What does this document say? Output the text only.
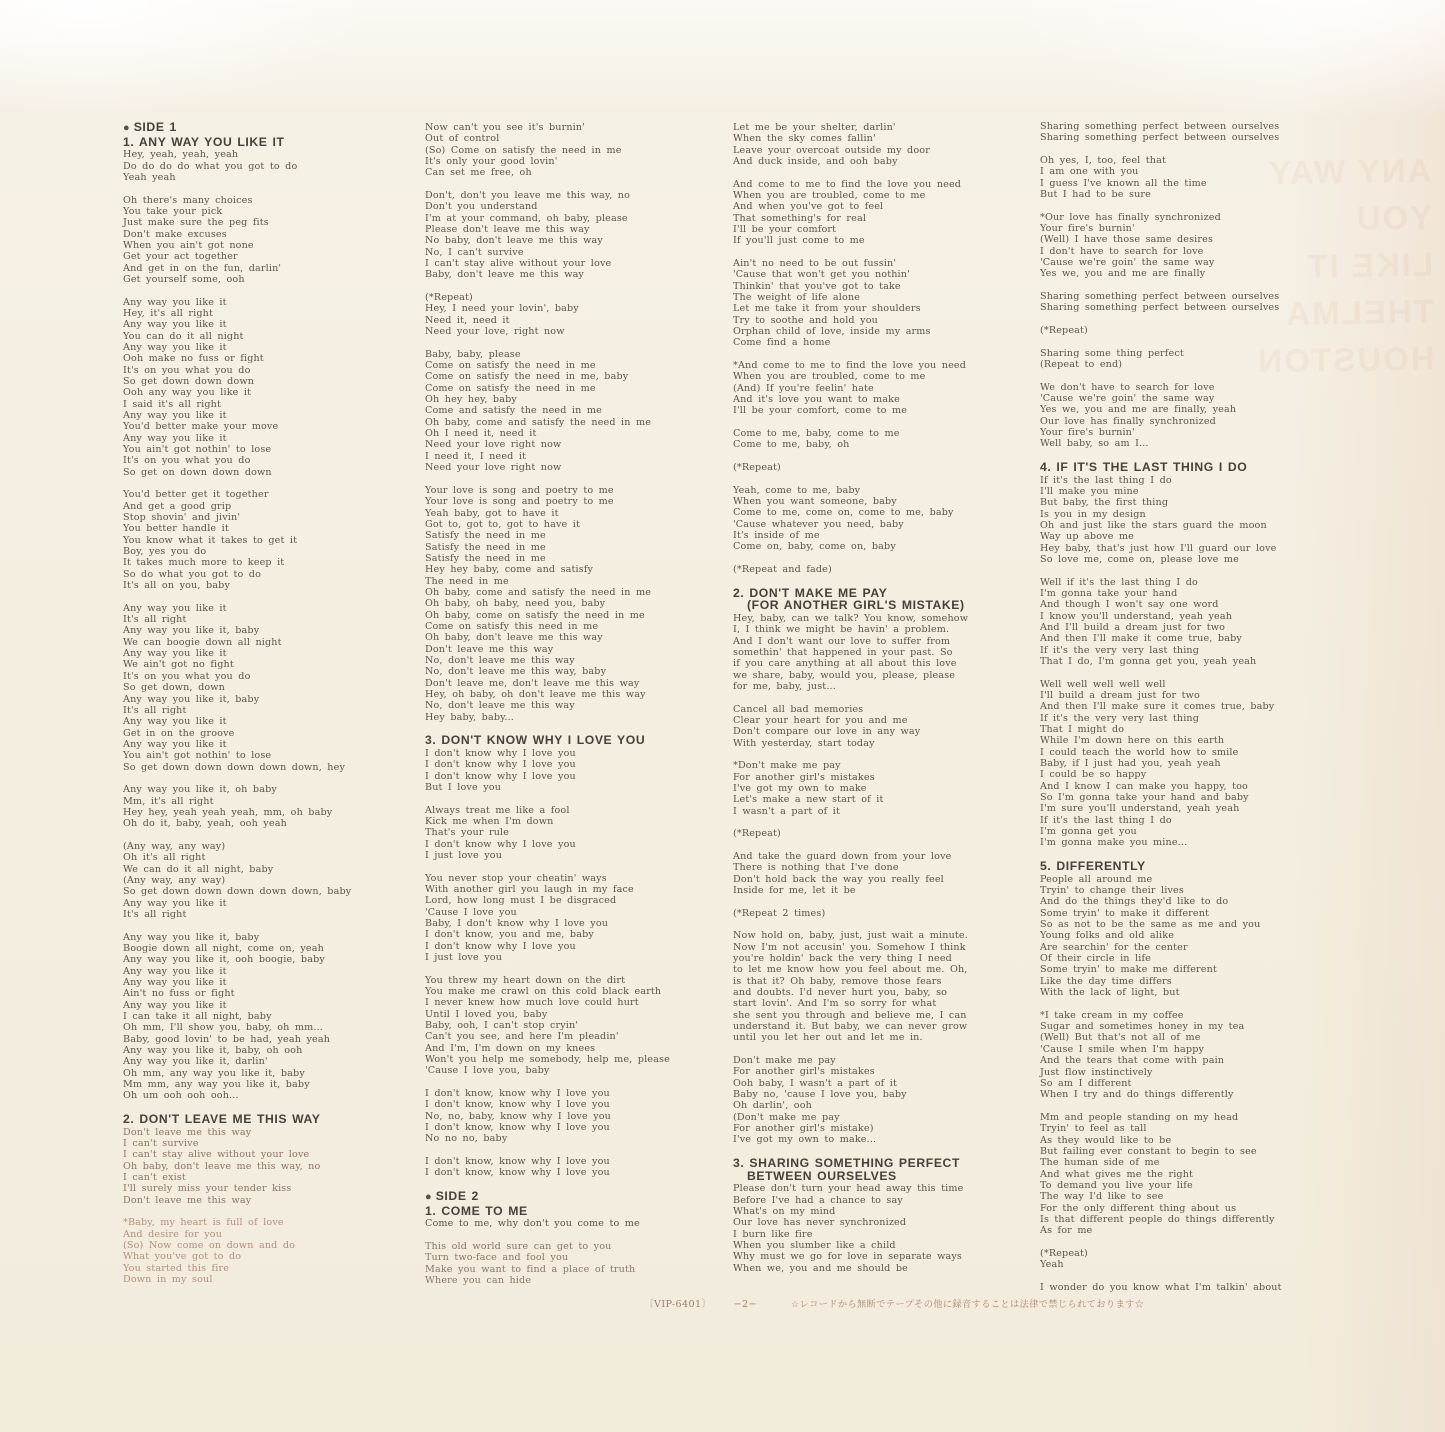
ANY WAY YOU
LIKE IT
THELMA
HOUSTON
● SIDE 1
1. ANY WAY YOU LIKE IT
Hey, yeah, yeah, yeah
Do do do do what you got to do
Yeah yeah
Oh there's many choices
You take your pick
Just make sure the peg fits
Don't make excuses
When you ain't got none
Get your act together
And get in on the fun, darlin'
Get yourself some, ooh
Any way you like it
Hey, it's all right
Any way you like it
You can do it all night
Any way you like it
Ooh make no fuss or fight
It's on you what you do
So get down down down
Ooh any way you like it
I said it's all right
Any way you like it
You'd better make your move
Any way you like it
You ain't got nothin' to lose
It's on you what you do
So get on down down down
You'd better get it together
And get a good grip
Stop shovin' and jivin'
You better handle it
You know what it takes to get it
Boy, yes you do
It takes much more to keep it
So do what you got to do
It's all on you, baby
Any way you like it
It's all right
Any way you like it, baby
We can boogie down all night
Any way you like it
We ain't got no fight
It's on you what you do
So get down, down
Any way you like it, baby
It's all right
Any way you like it
Get in on the groove
Any way you like it
You ain't got nothin' to lose
So get down down down down down, hey
Any way you like it, oh baby
Mm, it's all right
Hey hey, yeah yeah yeah, mm, oh baby
Oh do it, baby, yeah, ooh yeah
(Any way, any way)
Oh it's all right
We can do it all night, baby
(Any way, any way)
So get down down down down down, baby
Any way you like it
It's all right
Any way you like it, baby
Boogie down all night, come on, yeah
Any way you like it, ooh boogie, baby
Any way you like it
Any way you like it
Ain't no fuss or fight
Any way you like it
I can take it all night, baby
Oh mm, I'll show you, baby, oh mm...
Baby, good lovin' to be had, yeah yeah
Any way you like it, baby, oh ooh
Any way you like it, darlin'
Oh mm, any way you like it, baby
Mm mm, any way you like it, baby
Oh um ooh ooh ooh...
2. DON'T LEAVE ME THIS WAY
Don't leave me this way
I can't survive
I can't stay alive without your love
Oh baby, don't leave me this way, no
I can't exist
I'll surely miss your tender kiss
Don't leave me this way
*Baby, my heart is full of love
And desire for you
(So) Now come on down and do
What you've got to do
You started this fire
Down in my soul
Now can't you see it's burnin'
Out of control
(So) Come on satisfy the need in me
It's only your good lovin'
Can set me free, oh
Don't, don't you leave me this way, no
Don't you understand
I'm at your command, oh baby, please
Please don't leave me this way
No baby, don't leave me this way
No, I can't survive
I can't stay alive without your love
Baby, don't leave me this way
(*Repeat)
Hey, I need your lovin', baby
Need it, need it
Need your love, right now
Baby, baby, please
Come on satisfy the need in me
Come on satisfy the need in me, baby
Come on satisfy the need in me
Oh hey hey, baby
Come and satisfy the need in me
Oh baby, come and satisfy the need in me
Oh I need it, need it
Need your love right now
I need it, I need it
Need your love right now
Your love is song and poetry to me
Your love is song and poetry to me
Yeah baby, got to have it
Got to, got to, got to have it
Satisfy the need in me
Satisfy the need in me
Satisfy the need in me
Hey hey baby, come and satisfy
The need in me
Oh baby, come and satisfy the need in me
Oh baby, oh baby, need you, baby
Oh baby, come on satisfy the need in me
Come on satisfy this need in me
Oh baby, don't leave me this way
Don't leave me this way
No, don't leave me this way
No, don't leave me this way, baby
Don't leave me, don't leave me this way
Hey, oh baby, oh don't leave me this way
No, don't leave me this way
Hey baby, baby...
3. DON'T KNOW WHY I LOVE YOU
I don't know why I love you
I don't know why I love you
I don't know why I love you
But I love you
Always treat me like a fool
Kick me when I'm down
That's your rule
I don't know why I love you
I just love you
You never stop your cheatin' ways
With another girl you laugh in my face
Lord, how long must I be disgraced
'Cause I love you
Baby, I don't know why I love you
I don't know, you and me, baby
I don't know why I love you
I just love you
You threw my heart down on the dirt
You make me crawl on this cold black earth
I never knew how much love could hurt
Until I loved you, baby
Baby, ooh, I can't stop cryin'
Can't you see, and here I'm pleadin'
And I'm, I'm down on my knees
Won't you help me somebody, help me, please
'Cause I love you, baby
I don't know, know why I love you
I don't know, know why I love you
No, no, baby, know why I love you
I don't know, know why I love you
No no no, baby
I don't know, know why I love you
I don't know, know why I love you
● SIDE 2
1. COME TO ME
Come to me, why don't you come to me
This old world sure can get to you
Turn two-face and fool you
Make you want to find a place of truth
Where you can hide
Let me be your shelter, darlin'
When the sky comes fallin'
Leave your overcoat outside my door
And duck inside, and ooh baby
And come to me to find the love you need
When you are troubled, come to me
And when you've got to feel
That something's for real
I'll be your comfort
If you'll just come to me
Ain't no need to be out fussin'
'Cause that won't get you nothin'
Thinkin' that you've got to take
The weight of life alone
Let me take it from your shoulders
Try to soothe and hold you
Orphan child of love, inside my arms
Come find a home
*And come to me to find the love you need
When you are troubled, come to me
(And) If you're feelin' hate
And it's love you want to make
I'll be your comfort, come to me
Come to me, baby, come to me
Come to me, baby, oh
(*Repeat)
Yeah, come to me, baby
When you want someone, baby
Come to me, come on, come to me, baby
'Cause whatever you need, baby
It's inside of me
Come on, baby, come on, baby
(*Repeat and fade)
2. DON'T MAKE ME PAY
(FOR ANOTHER GIRL'S MISTAKE)
Hey, baby, can we talk? You know, somehow
I, I think we might be havin' a problem.
And I don't want our love to suffer from
somethin' that happened in your past. So
if you care anything at all about this love
we share, baby, would you, please, please
for me, baby, just...
Cancel all bad memories
Clear your heart for you and me
Don't compare our love in any way
With yesterday, start today
*Don't make me pay
For another girl's mistakes
I've got my own to make
Let's make a new start of it
I wasn't a part of it
(*Repeat)
And take the guard down from your love
There is nothing that I've done
Don't hold back the way you really feel
Inside for me, let it be
(*Repeat 2 times)
Now hold on, baby, just, just wait a minute.
Now I'm not accusin' you. Somehow I think
you're holdin' back the very thing I need
to let me know how you feel about me. Oh,
is that it? Oh baby, remove those fears
and doubts. I'd never hurt you, baby, so
start lovin'. And I'm so sorry for what
she sent you through and believe me, I can
understand it. But baby, we can never grow
until you let her out and let me in.
Don't make me pay
For another girl's mistakes
Ooh baby, I wasn't a part of it
Baby no, 'cause I love you, baby
Oh darlin', ooh
(Don't make me pay
For another girl's mistake)
I've got my own to make...
3. SHARING SOMETHING PERFECT
BETWEEN OURSELVES
Please don't turn your head away this time
Before I've had a chance to say
What's on my mind
Our love has never synchronized
I burn like fire
When you slumber like a child
Why must we go for love in separate ways
When we, you and me should be
Sharing something perfect between ourselves
Sharing something perfect between ourselves
Oh yes, I, too, feel that
I am one with you
I guess I've known all the time
But I had to be sure
*Our love has finally synchronized
Your fire's burnin'
(Well) I have those same desires
I don't have to search for love
'Cause we're goin' the same way
Yes we, you and me are finally
Sharing something perfect between ourselves
Sharing something perfect between ourselves
(*Repeat)
Sharing some thing perfect
(Repeat to end)
We don't have to search for love
'Cause we're goin' the same way
Yes we, you and me are finally, yeah
Our love has finally synchronized
Your fire's burnin'
Well baby, so am I...
4. IF IT'S THE LAST THING I DO
If it's the last thing I do
I'll make you mine
But baby, the first thing
Is you in my design
Oh and just like the stars guard the moon
Way up above me
Hey baby, that's just how I'll guard our love
So love me, come on, please love me
Well if it's the last thing I do
I'm gonna take your hand
And though I won't say one word
I know you'll understand, yeah yeah
And I'll build a dream just for two
And then I'll make it come true, baby
If it's the very very last thing
That I do, I'm gonna get you, yeah yeah
Well well well well well
I'll build a dream just for two
And then I'll make sure it comes true, baby
If it's the very very last thing
That I might do
While I'm down here on this earth
I could teach the world how to smile
Baby, if I just had you, yeah yeah
I could be so happy
And I know I can make you happy, too
So I'm gonna take your hand and baby
I'm sure you'll understand, yeah yeah
If it's the last thing I do
I'm gonna get you
I'm gonna make you mine...
5. DIFFERENTLY
People all around me
Tryin' to change their lives
And do the things they'd like to do
Some tryin' to make it different
So as not to be the same as me and you
Young folks and old alike
Are searchin' for the center
Of their circle in life
Some tryin' to make me different
Like the day time differs
With the lack of light, but
*I take cream in my coffee
Sugar and sometimes honey in my tea
(Well) But that's not all of me
'Cause I smile when I'm happy
And the tears that come with pain
Just flow instinctively
So am I different
When I try and do things differently
Mm and people standing on my head
Tryin' to feel as tall
As they would like to be
But failing ever constant to begin to see
The human side of me
And what gives me the right
To demand you live your life
The way I'd like to see
For the only different thing about us
Is that different people do things differently
As for me
(*Repeat)
Yeah
I wonder do you know what I'm talkin' about
〔VIP-6401〕 −2−	☆レコードから無断でテープその他に録音することは法律で禁じられております☆
